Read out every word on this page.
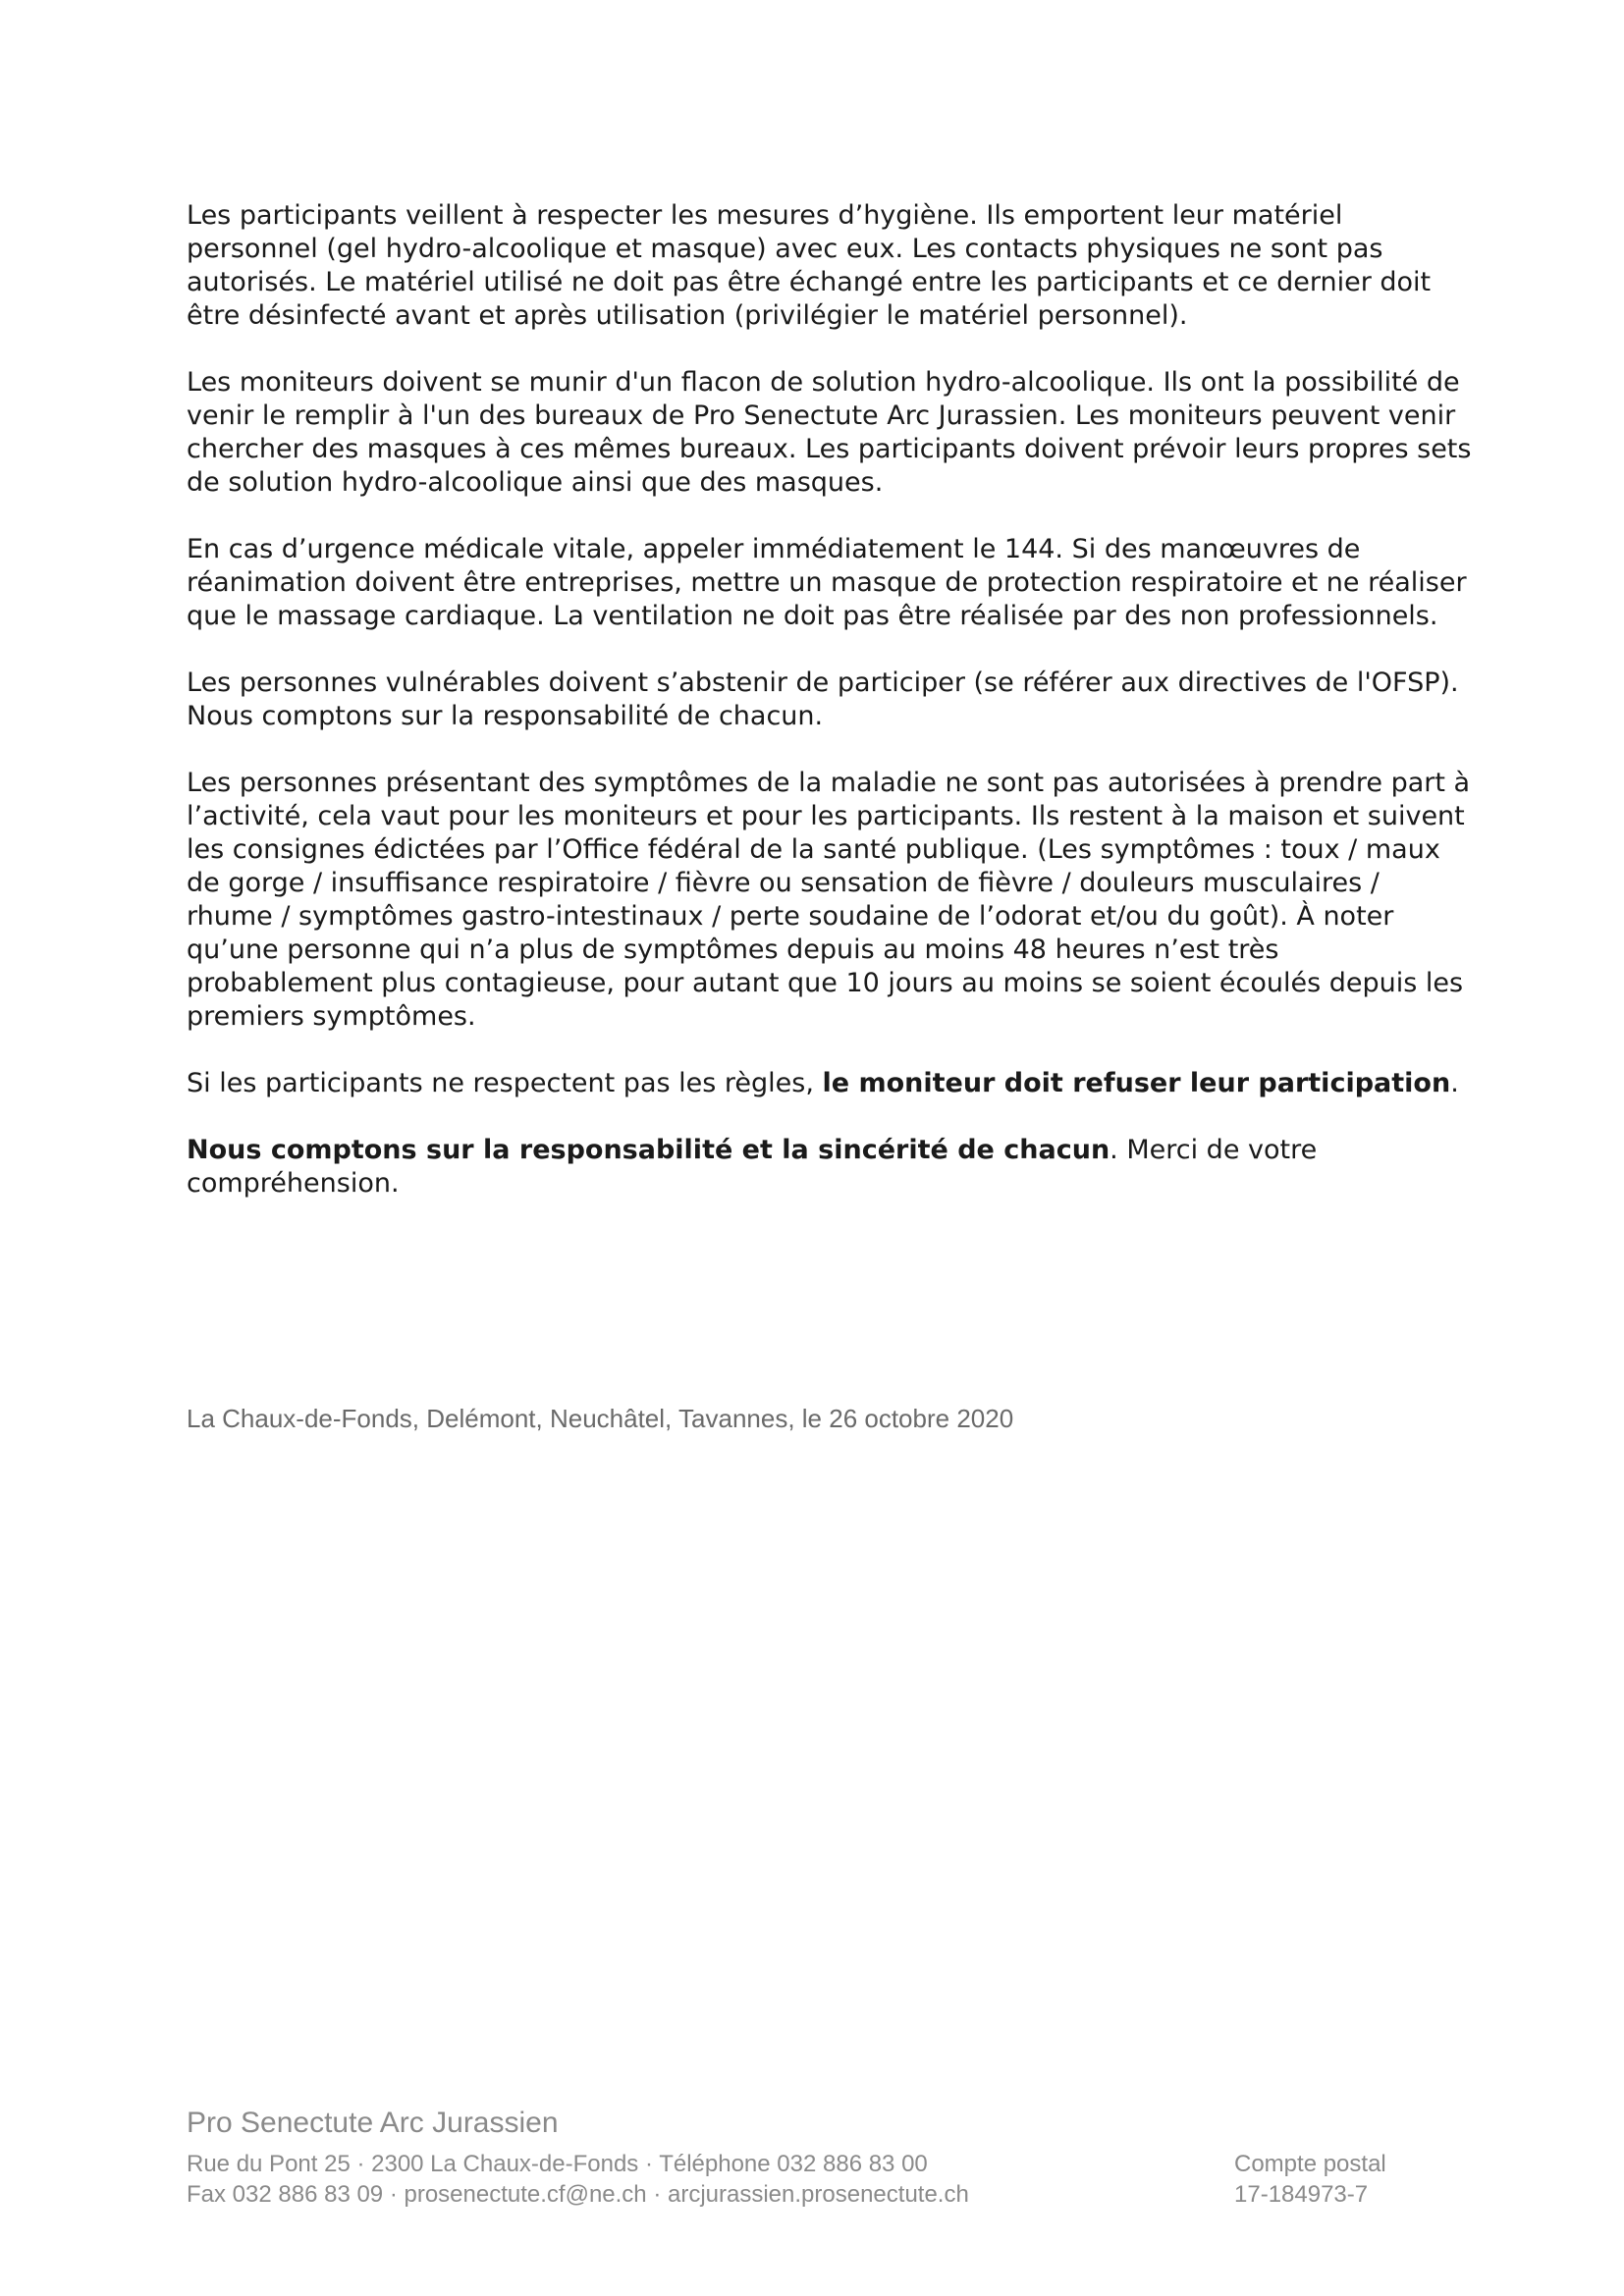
Les participants veillent à respecter les mesures d’hygiène. Ils emportent leur matériel personnel (gel hydro-alcoolique et masque) avec eux. Les contacts physiques ne sont pas autorisés. Le matériel utilisé ne doit pas être échangé entre les participants et ce dernier doit être désinfecté avant et après utilisation (privilégier le matériel personnel).

Les moniteurs doivent se munir d'un flacon de solution hydro-alcoolique. Ils ont la possibilité de venir le remplir à l'un des bureaux de Pro Senectute Arc Jurassien. Les moniteurs peuvent venir chercher des masques à ces mêmes bureaux. Les participants doivent prévoir leurs propres sets de solution hydro-alcoolique ainsi que des masques.

En cas d’urgence médicale vitale, appeler immédiatement le 144. Si des manœuvres de réanimation doivent être entreprises, mettre un masque de protection respiratoire et ne réaliser que le massage cardiaque. La ventilation ne doit pas être réalisée par des non professionnels.

Les personnes vulnérables doivent s’abstenir de participer (se référer aux directives de l'OFSP). Nous comptons sur la responsabilité de chacun.

Les personnes présentant des symptômes de la maladie ne sont pas autorisées à prendre part à l’activité, cela vaut pour les moniteurs et pour les participants. Ils restent à la maison et suivent les consignes édictées par l’Office fédéral de la santé publique. (Les symptômes : toux / maux de gorge / insuffisance respiratoire / fièvre ou sensation de fièvre / douleurs musculaires / rhume / symptômes gastro-intestinaux / perte soudaine de l’odorat et/ou du goût). À noter qu’une personne qui n’a plus de symptômes depuis au moins 48 heures n’est très probablement plus contagieuse, pour autant que 10 jours au moins se soient écoulés depuis les premiers symptômes.

Si les participants ne respectent pas les règles, le moniteur doit refuser leur participation.

Nous comptons sur la responsabilité et la sincérité de chacun. Merci de votre compréhension.

La Chaux-de-Fonds, Delémont, Neuchâtel, Tavannes, le 26 octobre 2020
Pro Senectute Arc Jurassien
Rue du Pont 25 · 2300 La Chaux-de-Fonds · Téléphone 032 886 83 00
Fax 032 886 83 09 · prosenectute.cf@ne.ch · arcjurassien.prosenectute.ch
Compte postal
17-184973-7
